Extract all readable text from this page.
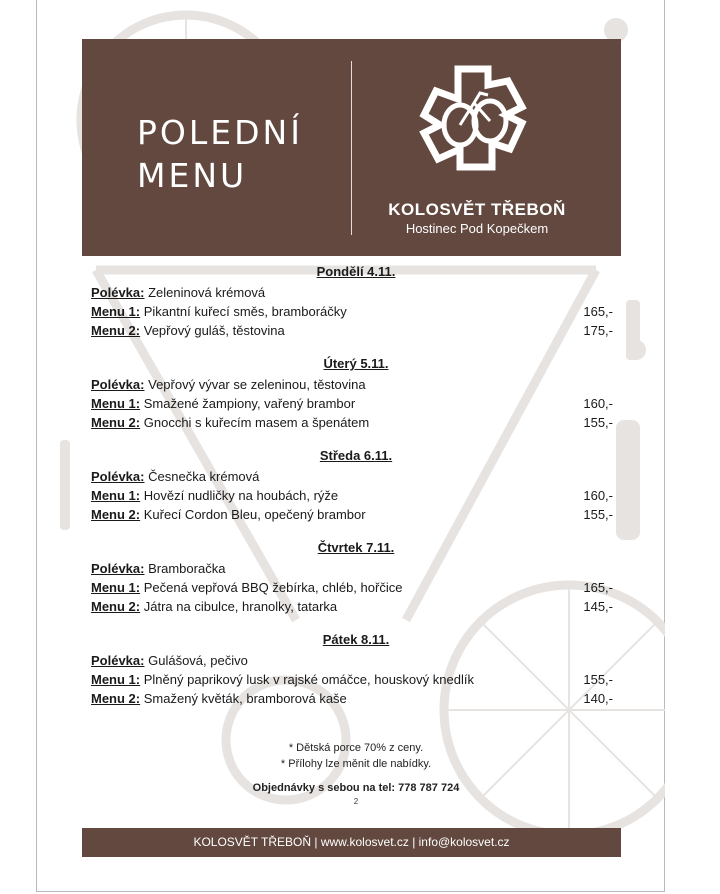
POLEDNÍ
MENU
KOLOSVĚT TŘEBOŇ
Hostinec Pod Kopečkem
Pondělí 4.11.
Polévka: Zeleninová krémová
Menu 1: Pikantní kuřecí směs, bramboráčky	165,-
Menu 2: Vepřový guláš, těstovina	175,-
Úterý 5.11.
Polévka: Vepřový vývar se zeleninou, těstovina
Menu 1: Smažené žampiony, vařený brambor	160,-
Menu 2: Gnocchi s kuřecím masem a špenátem	155,-
Středa 6.11.
Polévka: Česnečka krémová
Menu 1: Hovězí nudličky na houbách, rýže	160,-
Menu 2: Kuřecí Cordon Bleu, opečený brambor	155,-
Čtvrtek 7.11.
Polévka: Bramboračka
Menu 1: Pečená vepřová BBQ žebírka, chléb, hořčice	165,-
Menu 2: Játra na cibulce, hranolky, tatarka	145,-
Pátek 8.11.
Polévka: Gulášová, pečivo
Menu 1: Plněný paprikový lusk v rajské omáčce, houskový knedlík	155,-
Menu 2: Smažený květák, bramborová kaše	140,-
* Dětská porce 70% z ceny.
* Přílohy lze měnit dle nabídky.
Objednávky s sebou na tel: 778 787 724
2
KOLOSVĚT TŘEBOŇ | www.kolosvet.cz | info@kolosvet.cz
